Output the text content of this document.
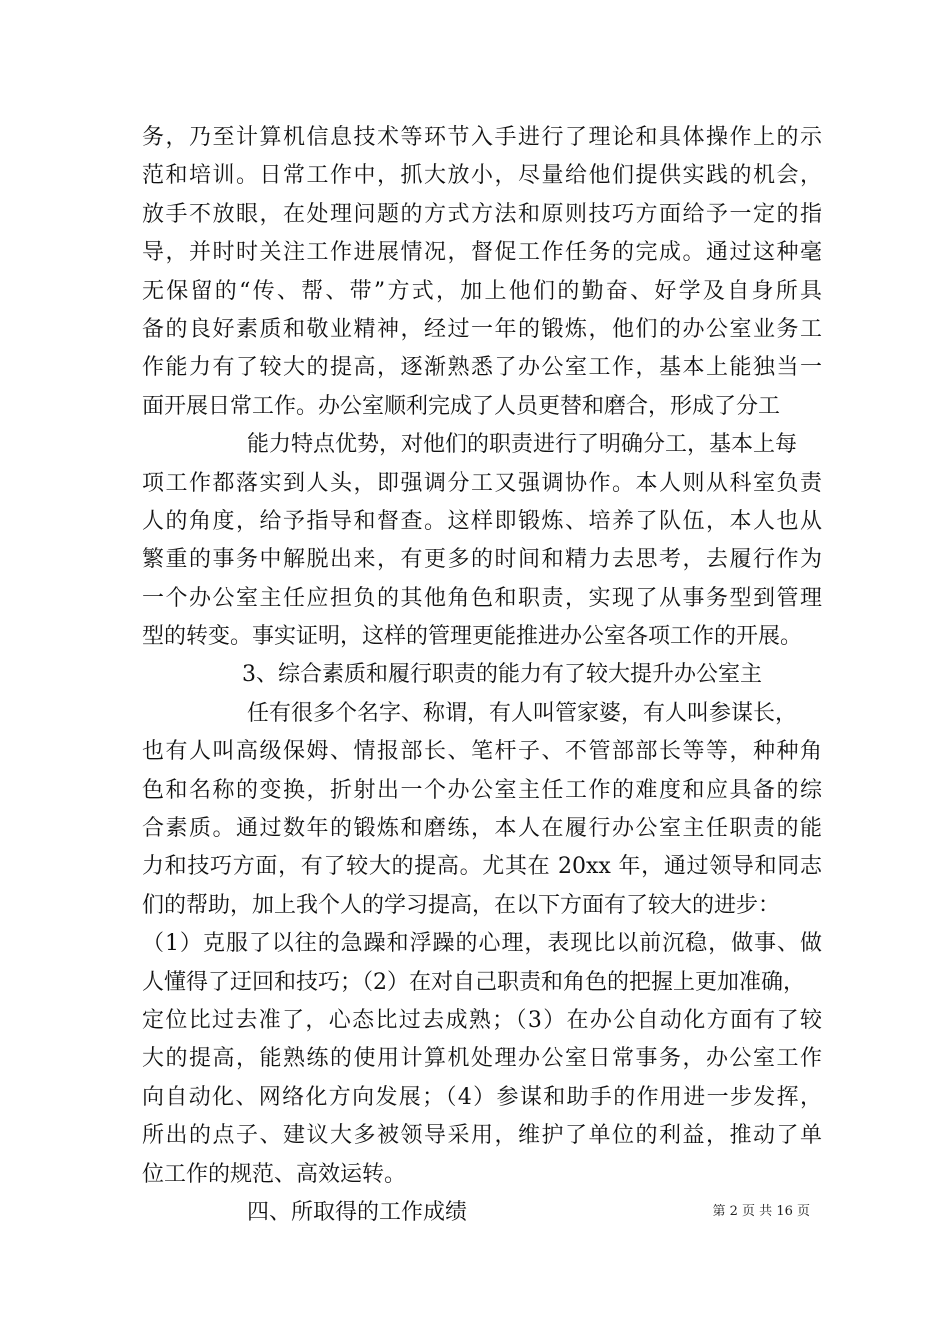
务，乃至计算机信息技术等环节入手进行了理论和具体操作上的示
范和培训。日常工作中，抓大放小，尽量给他们提供实践的机会，
放手不放眼，在处理问题的方式方法和原则技巧方面给予一定的指
导，并时时关注工作进展情况，督促工作任务的完成。通过这种毫
无保留的“传、帮、带”方式，加上他们的勤奋、好学及自身所具
备的良好素质和敬业精神，经过一年的锻炼，他们的办公室业务工
作能力有了较大的提高，逐渐熟悉了办公室工作，基本上能独当一
面开展日常工作。办公室顺利完成了人员更替和磨合，形成了分工
能力特点优势，对他们的职责进行了明确分工，基本上每
项工作都落实到人头，即强调分工又强调协作。本人则从科室负责
人的角度，给予指导和督查。这样即锻炼、培养了队伍，本人也从
繁重的事务中解脱出来，有更多的时间和精力去思考，去履行作为
一个办公室主任应担负的其他角色和职责，实现了从事务型到管理
型的转变。事实证明，这样的管理更能推进办公室各项工作的开展。
3、综合素质和履行职责的能力有了较大提升办公室主
任有很多个名字、称谓，有人叫管家婆，有人叫参谋长，
也有人叫高级保姆、情报部长、笔杆子、不管部部长等等，种种角
色和名称的变换，折射出一个办公室主任工作的难度和应具备的综
合素质。通过数年的锻炼和磨练，本人在履行办公室主任职责的能
力和技巧方面，有了较大的提高。尤其在 20xx 年，通过领导和同志
们的帮助，加上我个人的学习提高，在以下方面有了较大的进步：
（1）克服了以往的急躁和浮躁的心理，表现比以前沉稳，做事、做
人懂得了迂回和技巧；（2）在对自己职责和角色的把握上更加准确，
定位比过去准了，心态比过去成熟；（3）在办公自动化方面有了较
大的提高，能熟练的使用计算机处理办公室日常事务，办公室工作
向自动化、网络化方向发展；（4）参谋和助手的作用进一步发挥，
所出的点子、建议大多被领导采用，维护了单位的利益，推动了单
位工作的规范、高效运转。
四、所取得的工作成绩	第 2 页 共 16 页
